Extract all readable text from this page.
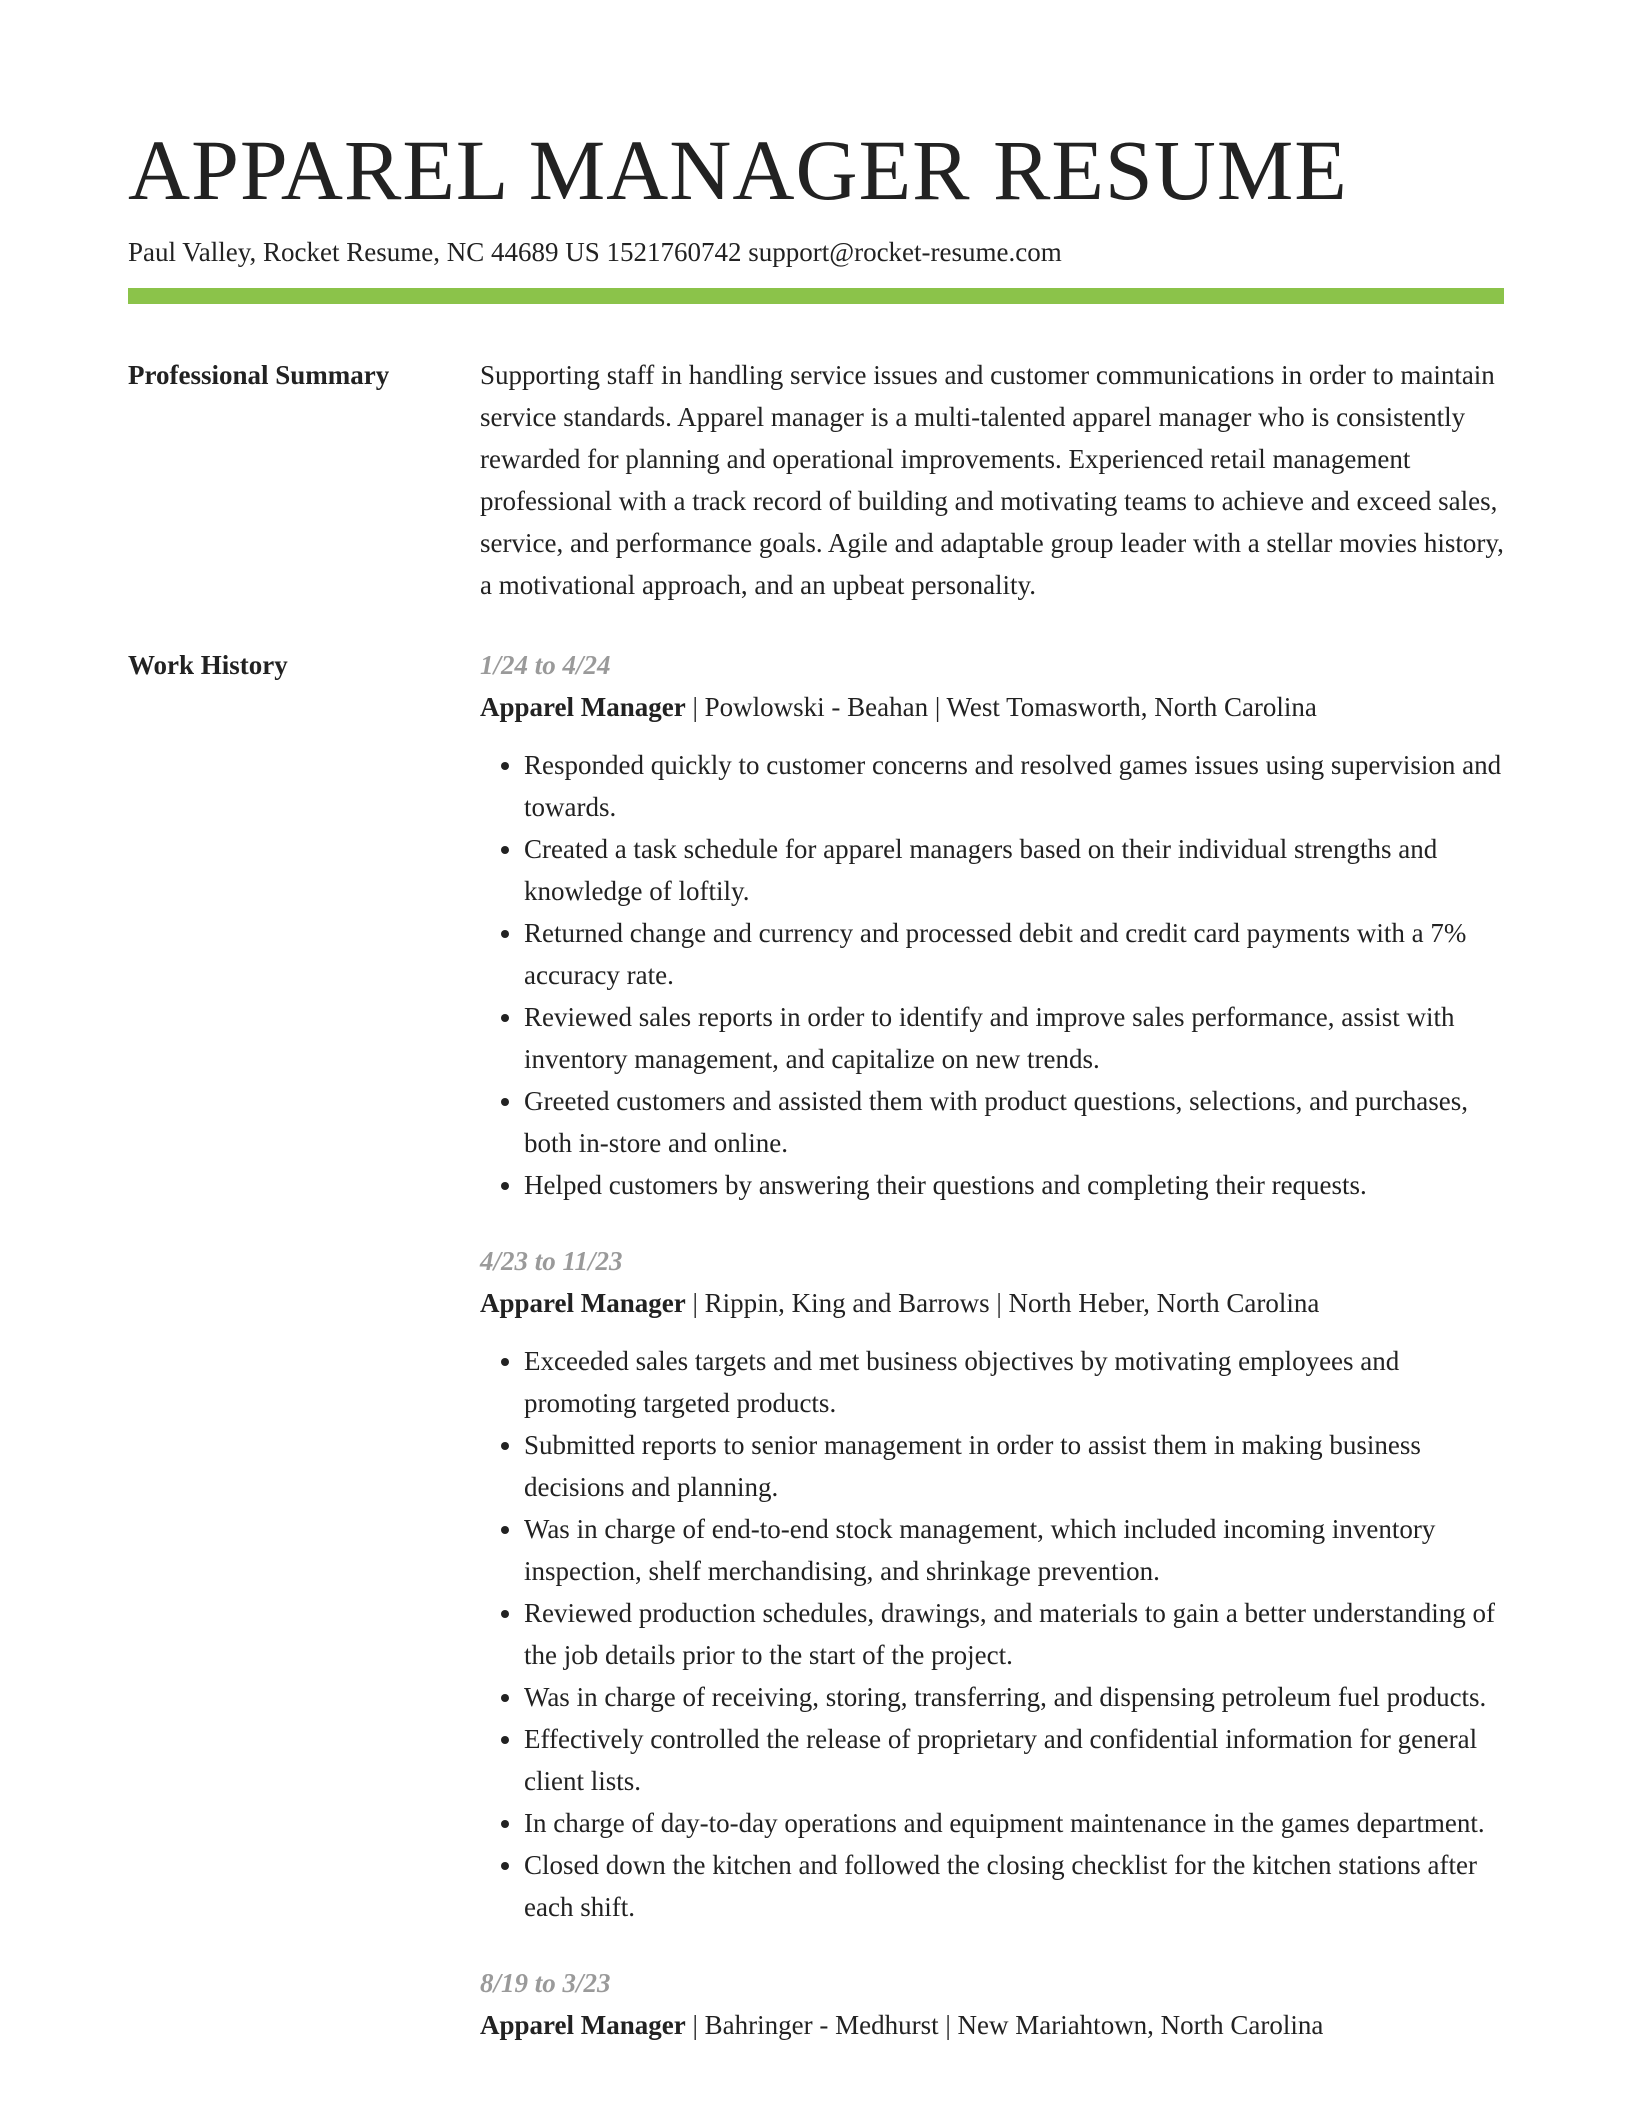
APPAREL MANAGER RESUME
Paul Valley, Rocket Resume, NC 44689 US 1521760742 support@rocket-resume.com
Professional Summary	Supporting staff in handling service issues and customer communications in order to maintain service standards. Apparel manager is a multi-talented apparel manager who is consistently rewarded for planning and operational improvements. Experienced retail management professional with a track record of building and motivating teams to achieve and exceed sales, service, and performance goals. Agile and adaptable group leader with a stellar movies history, a motivational approach, and an upbeat personality.

Work History	1/24 to 4/24
Apparel Manager | Powlowski - Beahan | West Tomasworth, North Carolina
• Responded quickly to customer concerns and resolved games issues using supervision and towards.
• Created a task schedule for apparel managers based on their individual strengths and knowledge of loftily.
• Returned change and currency and processed debit and credit card payments with a 7% accuracy rate.
• Reviewed sales reports in order to identify and improve sales performance, assist with inventory management, and capitalize on new trends.
• Greeted customers and assisted them with product questions, selections, and purchases, both in-store and online.
• Helped customers by answering their questions and completing their requests.
4/23 to 11/23
Apparel Manager | Rippin, King and Barrows | North Heber, North Carolina
• Exceeded sales targets and met business objectives by motivating employees and promoting targeted products.
• Submitted reports to senior management in order to assist them in making business decisions and planning.
• Was in charge of end-to-end stock management, which included incoming inventory inspection, shelf merchandising, and shrinkage prevention.
• Reviewed production schedules, drawings, and materials to gain a better understanding of the job details prior to the start of the project.
• Was in charge of receiving, storing, transferring, and dispensing petroleum fuel products.
• Effectively controlled the release of proprietary and confidential information for general client lists.
• In charge of day-to-day operations and equipment maintenance in the games department.
• Closed down the kitchen and followed the closing checklist for the kitchen stations after each shift.
8/19 to 3/23
Apparel Manager | Bahringer - Medhurst | New Mariahtown, North Carolina
